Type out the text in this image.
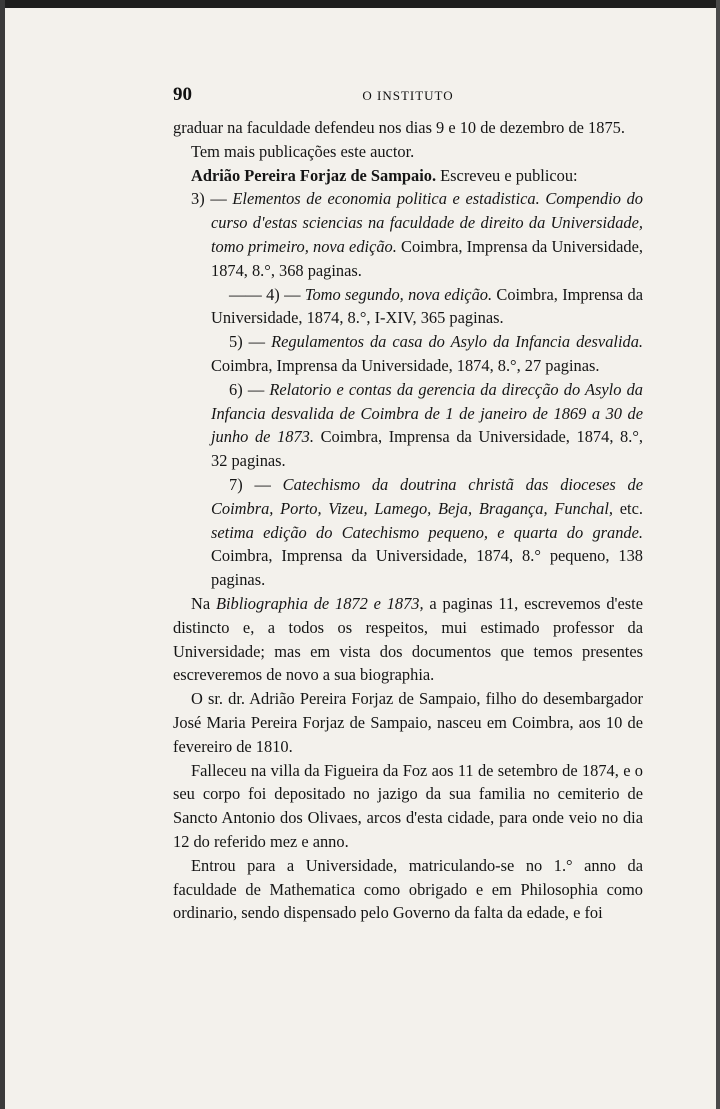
90	O INSTITUTO

graduar na faculdade defendeu nos dias 9 e 10 de dezembro de 1875.

Tem mais publicações este auctor.

Adrião Pereira Forjaz de Sampaio. Escreveu e publicou:

3) — Elementos de economia politica e estadistica. Compendio do curso d'estas sciencias na faculdade de direito da Universidade, tomo primeiro, nova edição. Coimbra, Imprensa da Universidade, 1874, 8.°, 368 paginas.

—— 4) — Tomo segundo, nova edição. Coimbra, Imprensa da Universidade, 1874, 8.°, I-XIV, 365 paginas.

5) — Regulamentos da casa do Asylo da Infancia desvalida. Coimbra, Imprensa da Universidade, 1874, 8.°, 27 paginas.

6) — Relatorio e contas da gerencia da direcção do Asylo da Infancia desvalida de Coimbra de 1 de janeiro de 1869 a 30 de junho de 1873. Coimbra, Imprensa da Universidade, 1874, 8.°, 32 paginas.

7) — Catechismo da doutrina christã das dioceses de Coimbra, Porto, Vizeu, Lamego, Beja, Bragança, Funchal, etc. setima edição do Catechismo pequeno, e quarta do grande. Coimbra, Imprensa da Universidade, 1874, 8.° pequeno, 138 paginas.

Na Bibliographia de 1872 e 1873, a paginas 11, escrevemos d'este distincto e, a todos os respeitos, mui estimado professor da Universidade; mas em vista dos documentos que temos presentes escreveremos de novo a sua biographia.

O sr. dr. Adrião Pereira Forjaz de Sampaio, filho do desembargador José Maria Pereira Forjaz de Sampaio, nasceu em Coimbra, aos 10 de fevereiro de 1810.

Falleceu na villa da Figueira da Foz aos 11 de setembro de 1874, e o seu corpo foi depositado no jazigo da sua familia no cemiterio de Sancto Antonio dos Olivaes, arcos d'esta cidade, para onde veio no dia 12 do referido mez e anno.

Entrou para a Universidade, matriculando-se no 1.° anno da faculdade de Mathematica como obrigado e em Philosophia como ordinario, sendo dispensado pelo Governo da falta da edade, e foi
